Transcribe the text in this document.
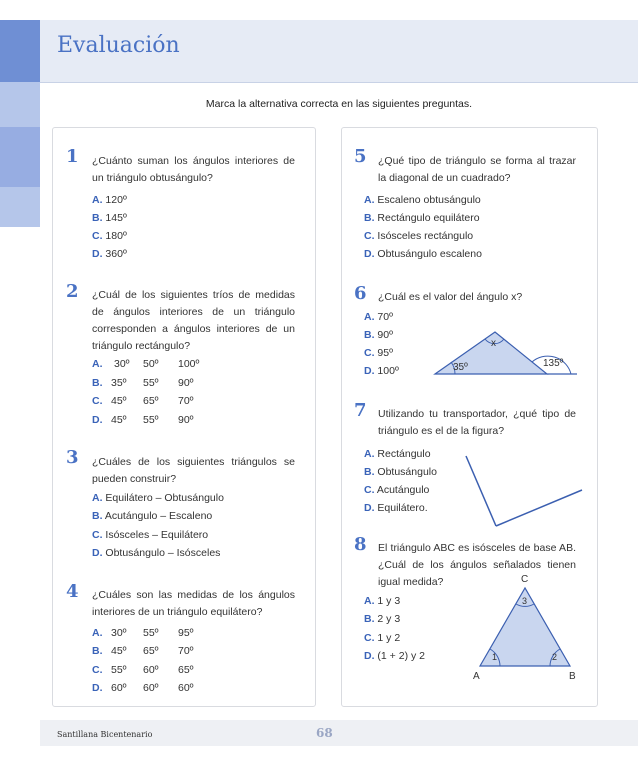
Evaluación
Marca la alternativa correcta en las siguientes preguntas.
1 ¿Cuánto suman los ángulos interiores de un triángulo obtusángulo?
A. 120º
B. 145º
C. 180º
D. 360º
2 ¿Cuál de los siguientes tríos de medidas de ángulos interiores de un triángulo corresponden a ángulos interiores de un triángulo rectángulo?
A. 30º 50º 100º
B. 35º 55º 90º
C. 45º 65º 70º
D. 45º 55º 90º
3 ¿Cuáles de los siguientes triángulos se pueden construir?
A. Equilátero – Obtusángulo
B. Acutángulo – Escaleno
C. Isósceles – Equilátero
D. Obtusángulo – Isósceles
4 ¿Cuáles son las medidas de los ángulos interiores de un triángulo equilátero?
A. 30º 55º 95º
B. 45º 65º 70º
C. 55º 60º 65º
D. 60º 60º 60º
5 ¿Qué tipo de triángulo se forma al trazar la diagonal de un cuadrado?
A. Escaleno obtusángulo
B. Rectángulo equilátero
C. Isósceles rectángulo
D. Obtusángulo escaleno
6 ¿Cuál es el valor del ángulo x?
A. 70º
B. 90º
C. 95º
D. 100º
x
35º	135º
7 Utilizando tu transportador, ¿qué tipo de triángulo es el de la figura?
A. Rectángulo
B. Obtusángulo
C. Acutángulo
D. Equilátero.
8 El triángulo ABC es isósceles de base AB. ¿Cuál de los ángulos señalados tienen igual medida?
A. 1 y 3
B. 2 y 3
C. 1 y 2
D. (1 + 2) y 2
C
3
1	2
A	B
Santillana Bicentenario	68
